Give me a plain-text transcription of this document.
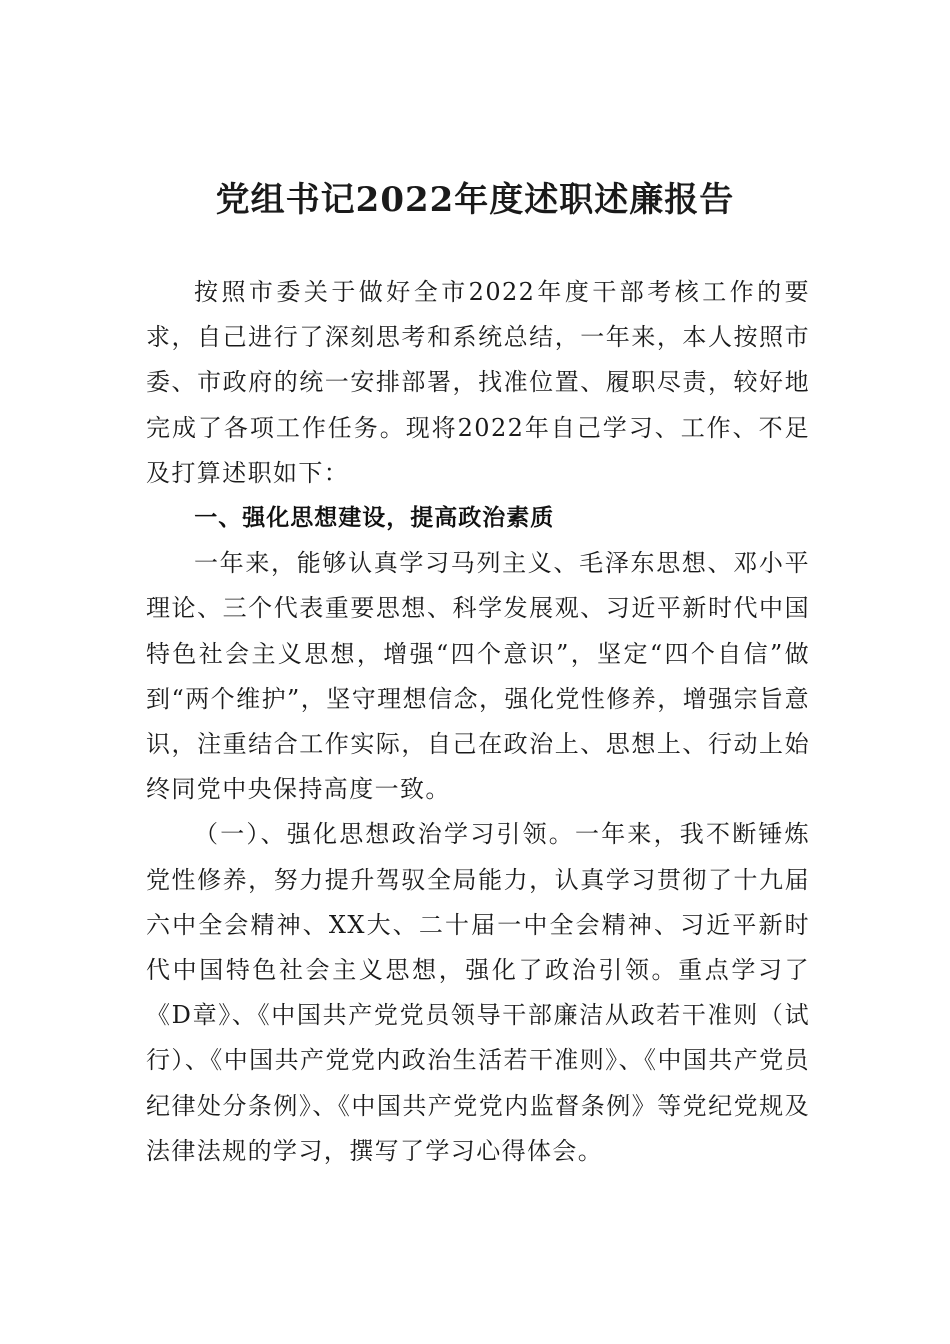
党组书记2022年度述职述廉报告

按照市委关于做好全市2022年度干部考核工作的要求，自己进行了深刻思考和系统总结，一年来，本人按照市委、市政府的统一安排部署，找准位置、履职尽责，较好地完成了各项工作任务。现将2022年自己学习、工作、不足及打算述职如下：

一、强化思想建设，提高政治素质

一年来，能够认真学习马列主义、毛泽东思想、邓小平理论、三个代表重要思想、科学发展观、习近平新时代中国特色社会主义思想，增强“四个意识”，坚定“四个自信”做到“两个维护”，坚守理想信念，强化党性修养，增强宗旨意识，注重结合工作实际，自己在政治上、思想上、行动上始终同党中央保持高度一致。

（一）、强化思想政治学习引领。一年来，我不断锤炼党性修养，努力提升驾驭全局能力，认真学习贯彻了十九届六中全会精神、XX大、二十届一中全会精神、习近平新时代中国特色社会主义思想，强化了政治引领。重点学习了《D章》、《中国共产党党员领导干部廉洁从政若干准则（试行）、《中国共产党党内政治生活若干准则》、《中国共产党员纪律处分条例》、《中国共产党党内监督条例》等党纪党规及法律法规的学习，撰写了学习心得体会。
